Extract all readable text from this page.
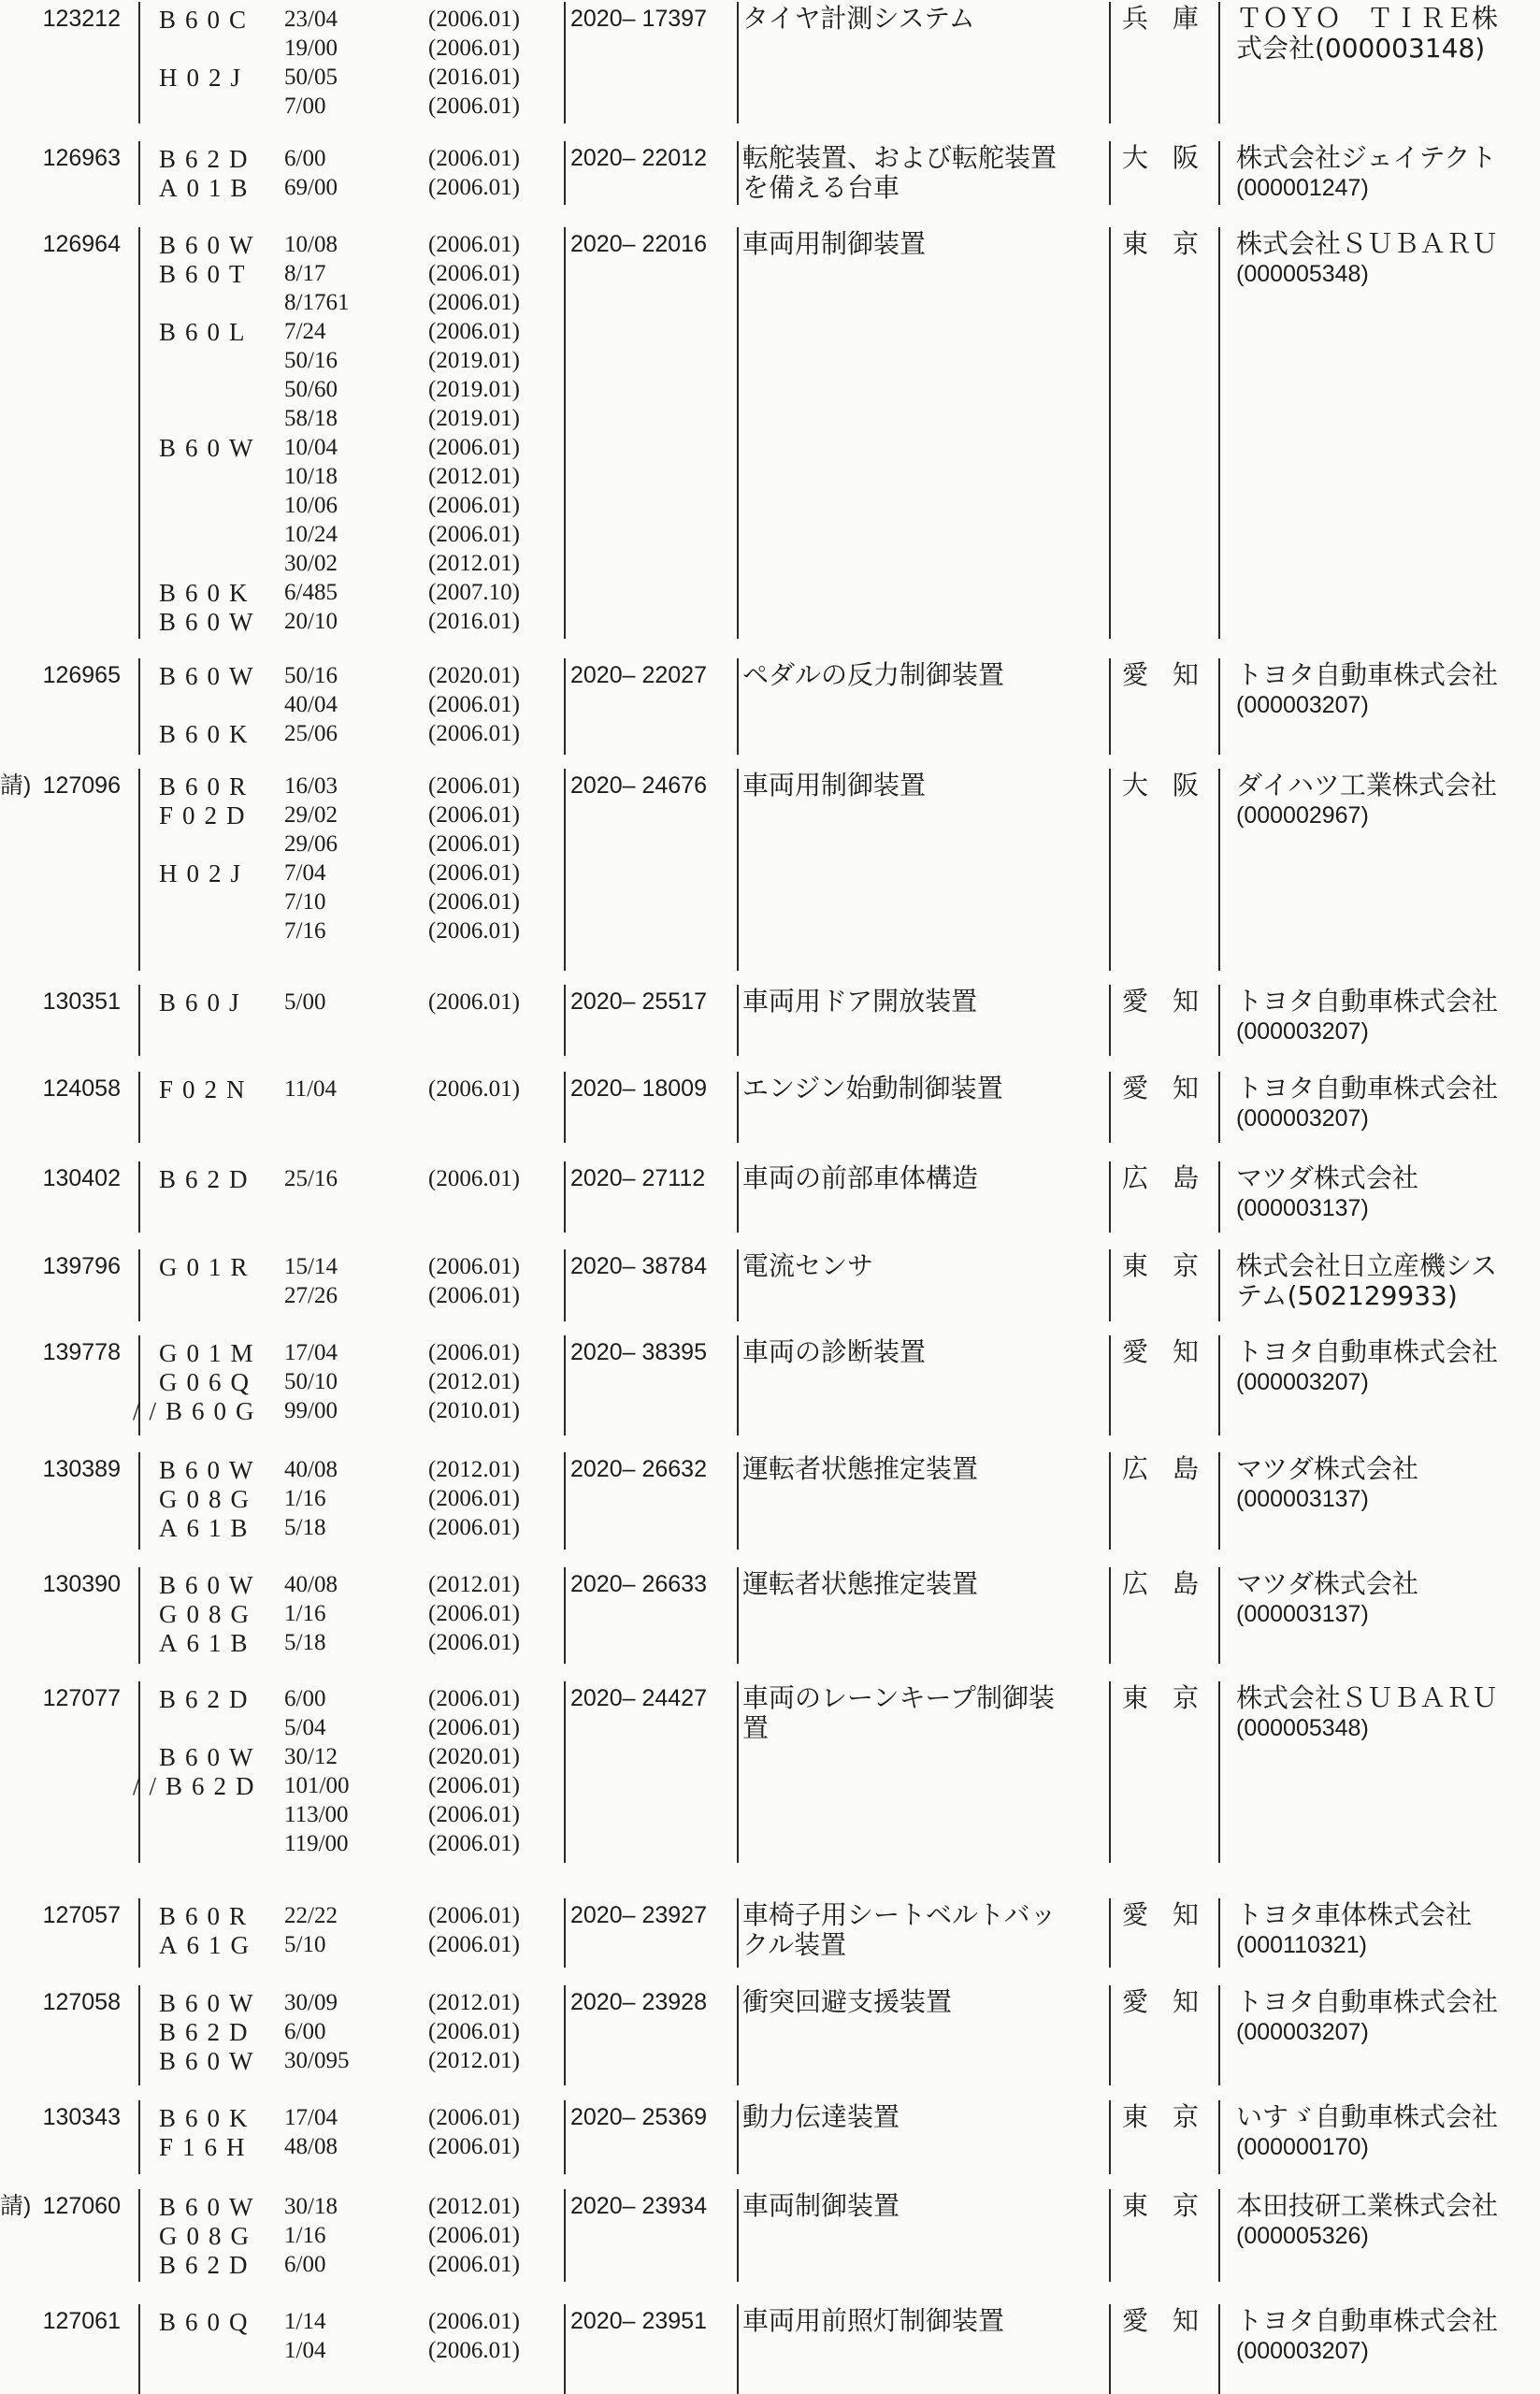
123212 B60C 23/04	(2006.01)
19/00	(2006.01)
H02J 50/05	(2016.01)
7/00	(2006.01)
2020– 17397 タイヤ計測システム	兵庫 ＴＯＹＯ　ＴＩＲＥ株
式会社(000003148)
126963 B62D 6/00	(2006.01)
A01B 69/00	(2006.01)
2020– 22012 転舵装置、および転舵装置
を備える台車
大阪 株式会社ジェイテクト
(000001247)
126964 B60W 10/08	(2006.01)
B60T 8/17	(2006.01)
8/1761	(2006.01)
B60L 7/24	(2006.01)
50/16	(2019.01)
50/60	(2019.01)
58/18	(2019.01)
B60W 10/04	(2006.01)
10/18	(2012.01)
10/06	(2006.01)
10/24	(2006.01)
30/02	(2012.01)
B60K 6/485	(2007.10)
B60W 20/10	(2016.01)
2020– 22016 車両用制御装置	東京 株式会社ＳＵＢＡＲＵ
(000005348)
126965 B60W 50/16	(2020.01)
40/04	(2006.01)
B60K 25/06	(2006.01)
2020– 22027 ペダルの反力制御装置	愛知 トヨタ自動車株式会社
(000003207)
請) 127096 B60R 16/03	(2006.01)
F02D 29/02	(2006.01)
29/06	(2006.01)
H02J 7/04	(2006.01)
7/10	(2006.01)
7/16	(2006.01)
2020– 24676 車両用制御装置	大阪 ダイハツ工業株式会社
(000002967)
130351 B60J 5/00	(2006.01) 2020– 25517 車両用ドア開放装置	愛知 トヨタ自動車株式会社
(000003207)
124058 F02N 11/04	(2006.01) 2020– 18009 エンジン始動制御装置	愛知 トヨタ自動車株式会社
(000003207)
130402 B62D 25/16	(2006.01) 2020– 27112 車両の前部車体構造	広島 マツダ株式会社
(000003137)
139796 G01R 15/14	(2006.01)
27/26	(2006.01)
2020– 38784 電流センサ	東京 株式会社日立産機シス
テム(502129933)
139778 G01M 17/04	(2006.01)
G06Q 50/10	(2012.01)
//B60G 99/00	(2010.01)
2020– 38395 車両の診断装置	愛知 トヨタ自動車株式会社
(000003207)
130389 B60W 40/08	(2012.01)
G08G 1/16	(2006.01)
A61B 5/18	(2006.01)
2020– 26632 運転者状態推定装置	広島 マツダ株式会社
(000003137)
130390 B60W 40/08	(2012.01)
G08G 1/16	(2006.01)
A61B 5/18	(2006.01)
2020– 26633 運転者状態推定装置	広島 マツダ株式会社
(000003137)
127077 B62D 6/00	(2006.01)
5/04	(2006.01)
B60W 30/12	(2020.01)
//B62D 101/00	(2006.01)
113/00	(2006.01)
119/00	(2006.01)
2020– 24427 車両のレーンキープ制御装
置
東京 株式会社ＳＵＢＡＲＵ
(000005348)
127057 B60R 22/22	(2006.01)
A61G 5/10	(2006.01)
2020– 23927 車椅子用シートベルトバッ
クル装置
愛知 トヨタ車体株式会社
(000110321)
127058 B60W 30/09	(2012.01)
B62D 6/00	(2006.01)
B60W 30/095	(2012.01)
2020– 23928 衝突回避支援装置	愛知 トヨタ自動車株式会社
(000003207)
130343 B60K 17/04	(2006.01)
F16H 48/08	(2006.01)
2020– 25369 動力伝達装置	東京 いすゞ自動車株式会社
(000000170)
請) 127060 B60W 30/18	(2012.01)
G08G 1/16	(2006.01)
B62D 6/00	(2006.01)
2020– 23934 車両制御装置	東京 本田技研工業株式会社
(000005326)
127061 B60Q 1/14	(2006.01)
1/04	(2006.01)
2020– 23951 車両用前照灯制御装置	愛知 トヨタ自動車株式会社
(000003207)
